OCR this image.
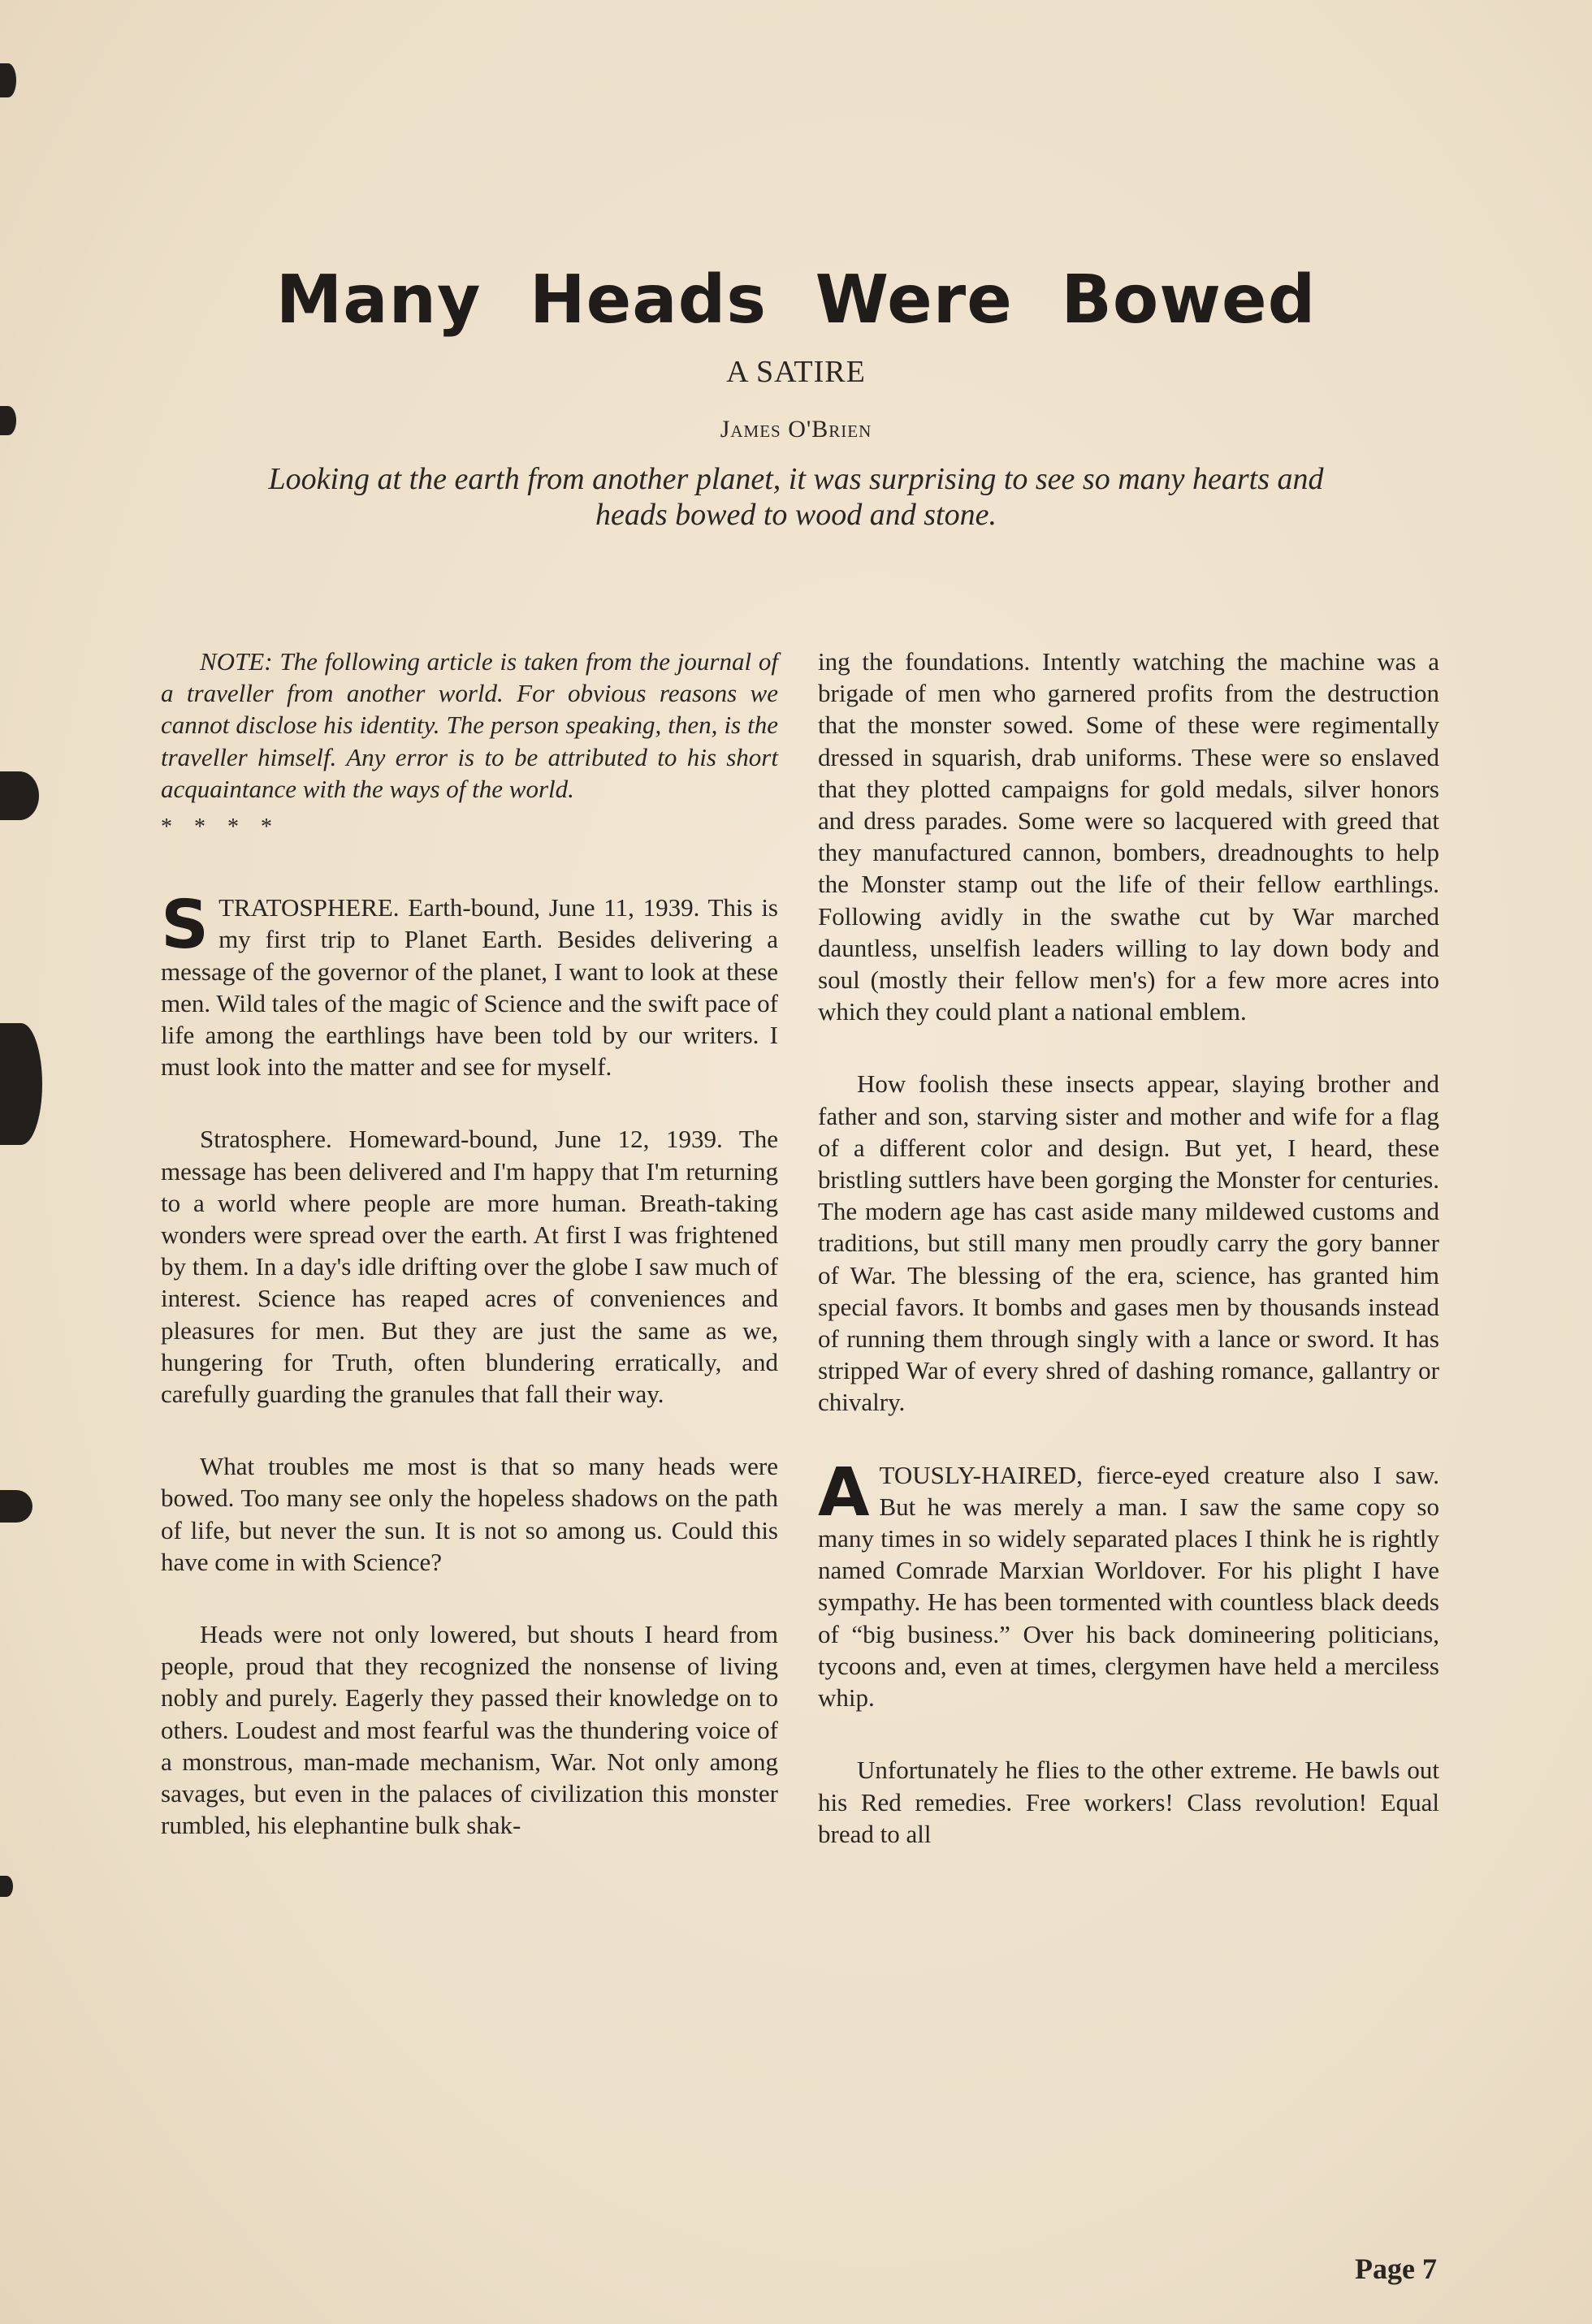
Many Heads Were Bowed
A SATIRE
James O'Brien
Looking at the earth from another planet, it was surprising to see so many hearts and heads bowed to wood and stone.

NOTE: The following article is taken from the journal of a traveller from another world. For obvious reasons we cannot disclose his identity. The person speaking, then, is the traveller himself. Any error is to be attributed to his short acquaintance with the ways of the world.

* * * *

STRATOSPHERE. Earth-bound, June 11, 1939. This is my first trip to Planet Earth. Besides delivering a message of the governor of the planet, I want to look at these men. Wild tales of the magic of Science and the swift pace of life among the earthlings have been told by our writers. I must look into the matter and see for myself.

Stratosphere. Homeward-bound, June 12, 1939. The message has been delivered and I'm happy that I'm returning to a world where people are more human. Breath-taking wonders were spread over the earth. At first I was frightened by them. In a day's idle drifting over the globe I saw much of interest. Science has reaped acres of conveniences and pleasures for men. But they are just the same as we, hungering for Truth, often blundering erratically, and carefully guarding the granules that fall their way.

What troubles me most is that so many heads were bowed. Too many see only the hopeless shadows on the path of life, but never the sun. It is not so among us. Could this have come in with Science?

Heads were not only lowered, but shouts I heard from people, proud that they recognized the nonsense of living nobly and purely. Eagerly they passed their knowledge on to others. Loudest and most fearful was the thundering voice of a monstrous, man-made mechanism, War. Not only among savages, but even in the palaces of civilization this monster rumbled, his elephantine bulk shak-

ing the foundations. Intently watching the machine was a brigade of men who garnered profits from the destruction that the monster sowed. Some of these were regimentally dressed in squarish, drab uniforms. These were so enslaved that they plotted campaigns for gold medals, silver honors and dress parades. Some were so lacquered with greed that they manufactured cannon, bombers, dreadnoughts to help the Monster stamp out the life of their fellow earthlings. Following avidly in the swathe cut by War marched dauntless, unselfish leaders willing to lay down body and soul (mostly their fellow men's) for a few more acres into which they could plant a national emblem.

How foolish these insects appear, slaying brother and father and son, starving sister and mother and wife for a flag of a different color and design. But yet, I heard, these bristling suttlers have been gorging the Monster for centuries. The modern age has cast aside many mildewed customs and traditions, but still many men proudly carry the gory banner of War. The blessing of the era, science, has granted him special favors. It bombs and gases men by thousands instead of running them through singly with a lance or sword. It has stripped War of every shred of dashing romance, gallantry or chivalry.

ATOUSLY-HAIRED, fierce-eyed creature also I saw. But he was merely a man. I saw the same copy so many times in so widely separated places I think he is rightly named Comrade Marxian Worldover. For his plight I have sympathy. He has been tormented with countless black deeds of “big business.” Over his back domineering politicians, tycoons and, even at times, clergymen have held a merciless whip.

Unfortunately he flies to the other extreme. He bawls out his Red remedies. Free workers! Class revolution! Equal bread to all

Page 7
